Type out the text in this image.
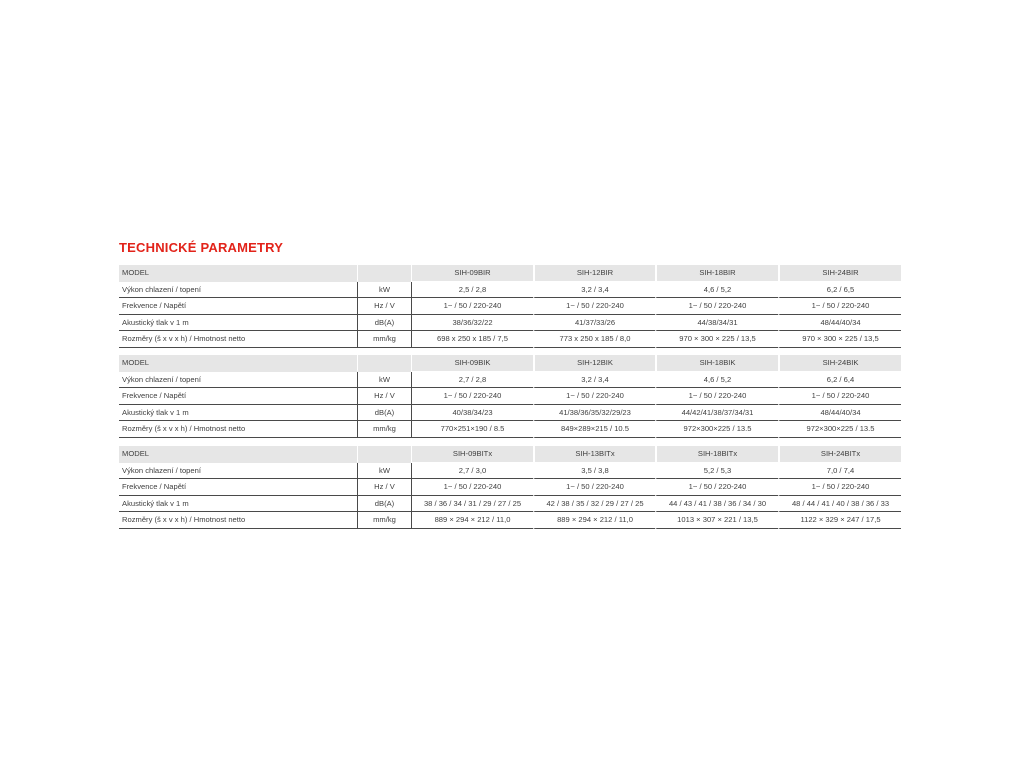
TECHNICKÉ PARAMETRY
MODEL		SIH-09BIR	SIH-12BIR	SIH-18BIR	SIH-24BIR
Výkon chlazení / topení	kW	2,5 / 2,8	3,2 / 3,4	4,6 / 5,2	6,2 / 6,5
Frekvence / Napětí	Hz / V	1~ / 50 / 220-240	1~ / 50 / 220-240	1~ / 50 / 220-240	1~ / 50 / 220-240
Akustický tlak v 1 m	dB(A)	38/36/32/22	41/37/33/26	44/38/34/31	48/44/40/34
Rozměry (š x v x h) / Hmotnost netto	mm/kg	698 x 250 x 185 / 7,5	773 x 250 x 185 / 8,0	970 × 300 × 225 / 13,5	970 × 300 × 225 / 13,5
MODEL		SIH-09BIK	SIH-12BIK	SIH-18BIK	SIH-24BIK
Výkon chlazení / topení	kW	2,7 / 2,8	3,2 / 3,4	4,6 / 5,2	6,2 / 6,4
Frekvence / Napětí	Hz / V	1~ / 50 / 220-240	1~ / 50 / 220-240	1~ / 50 / 220-240	1~ / 50 / 220-240
Akustický tlak v 1 m	dB(A)	40/38/34/23	41/38/36/35/32/29/23	44/42/41/38/37/34/31	48/44/40/34
Rozměry (š x v x h) / Hmotnost netto	mm/kg	770×251×190 / 8.5	849×289×215 / 10.5	972×300×225 / 13.5	972×300×225 / 13.5
MODEL		SIH-09BITx	SIH-13BITx	SIH-18BITx	SIH-24BITx
Výkon chlazení / topení	kW	2,7 / 3,0	3,5 / 3,8	5,2 / 5,3	7,0 / 7,4
Frekvence / Napětí	Hz / V	1~ / 50 / 220-240	1~ / 50 / 220-240	1~ / 50 / 220-240	1~ / 50 / 220-240
Akustický tlak v 1 m	dB(A)	38 / 36 / 34 / 31 / 29 / 27 / 25	42 / 38 / 35 / 32 / 29 / 27 / 25	44 / 43 / 41 / 38 / 36 / 34 / 30	48 / 44 / 41 / 40 / 38 / 36 / 33
Rozměry (š x v x h) / Hmotnost netto	mm/kg	889 × 294 × 212 / 11,0	889 × 294 × 212 / 11,0	1013 × 307 × 221 / 13,5	1122 × 329 × 247 / 17,5
